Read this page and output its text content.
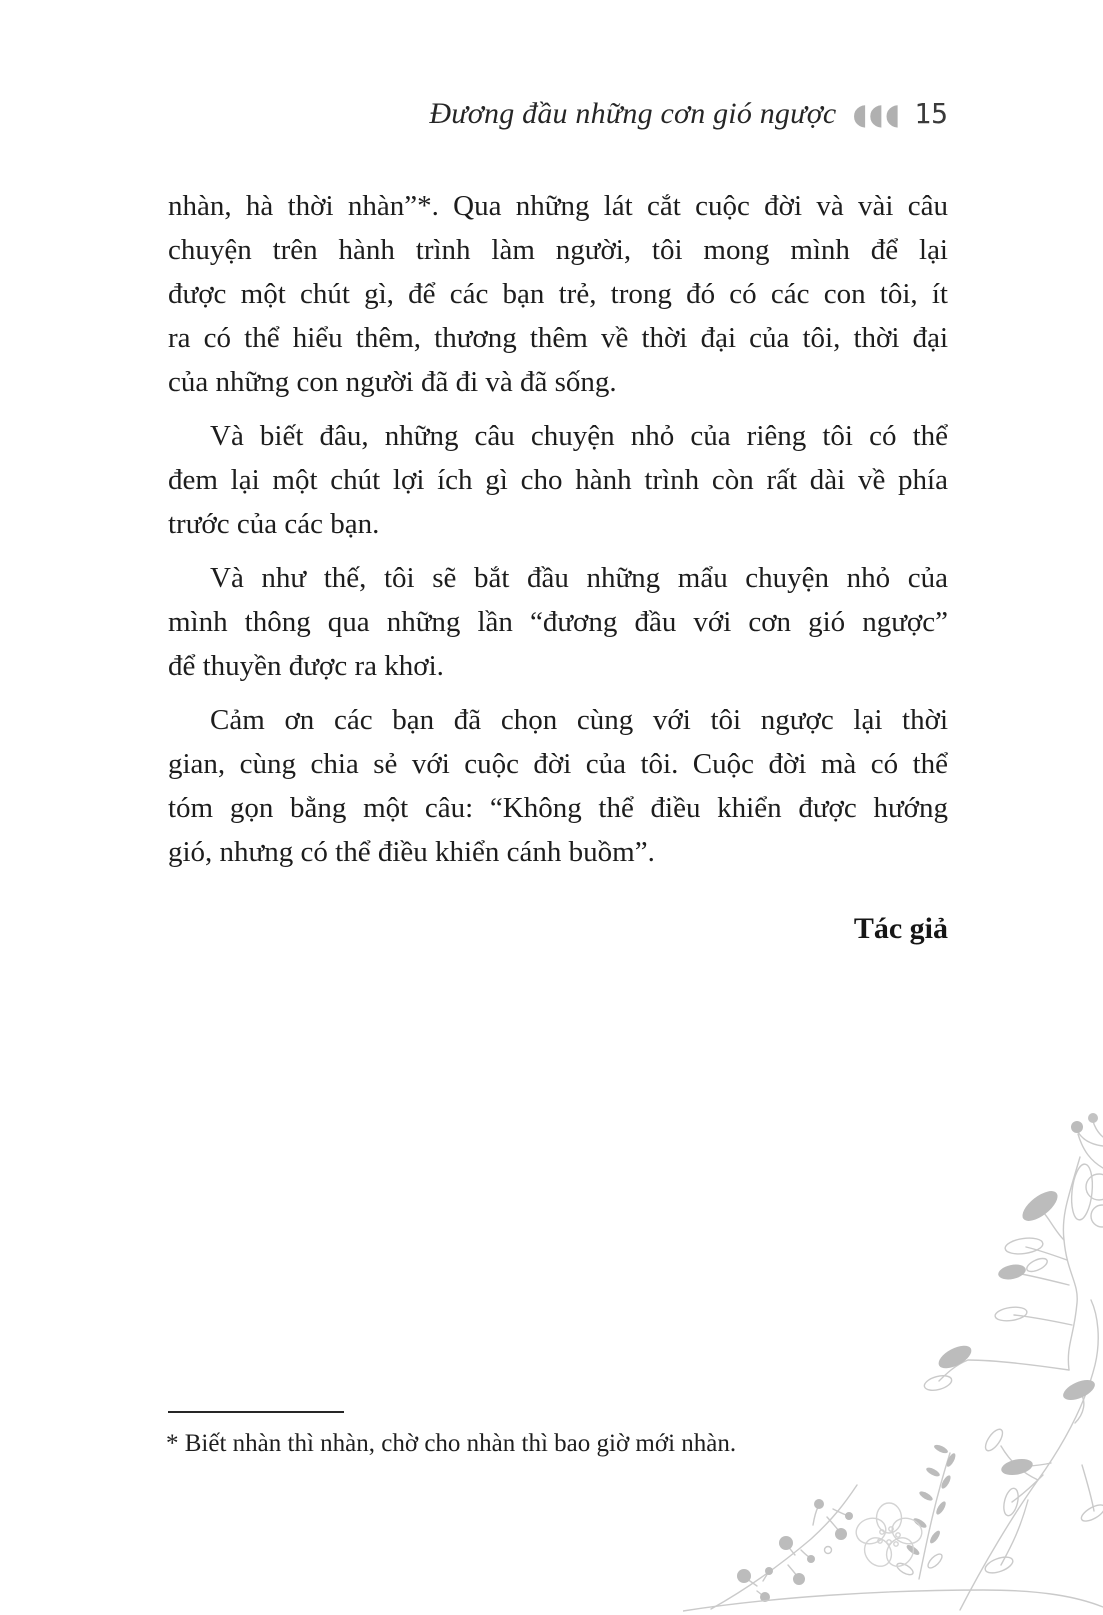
Đương đầu những cơn gió ngược ◖◖◖ 15
nhàn, hà thời nhàn”*. Qua những lát cắt cuộc đời và vài câu
chuyện trên hành trình làm người, tôi mong mình để lại
được một chút gì, để các bạn trẻ, trong đó có các con tôi, ít
ra có thể hiểu thêm, thương thêm về thời đại của tôi, thời đại
của những con người đã đi và đã sống.
Và biết đâu, những câu chuyện nhỏ của riêng tôi có thể
đem lại một chút lợi ích gì cho hành trình còn rất dài về phía
trước của các bạn.
Và như thế, tôi sẽ bắt đầu những mẩu chuyện nhỏ của
mình thông qua những lần “đương đầu với cơn gió ngược”
để thuyền được ra khơi.
Cảm ơn các bạn đã chọn cùng với tôi ngược lại thời
gian, cùng chia sẻ với cuộc đời của tôi. Cuộc đời mà có thể
tóm gọn bằng một câu: “Không thể điều khiển được hướng
gió, nhưng có thể điều khiển cánh buồm”.
Tác giả
* Biết nhàn thì nhàn, chờ cho nhàn thì bao giờ mới nhàn.
